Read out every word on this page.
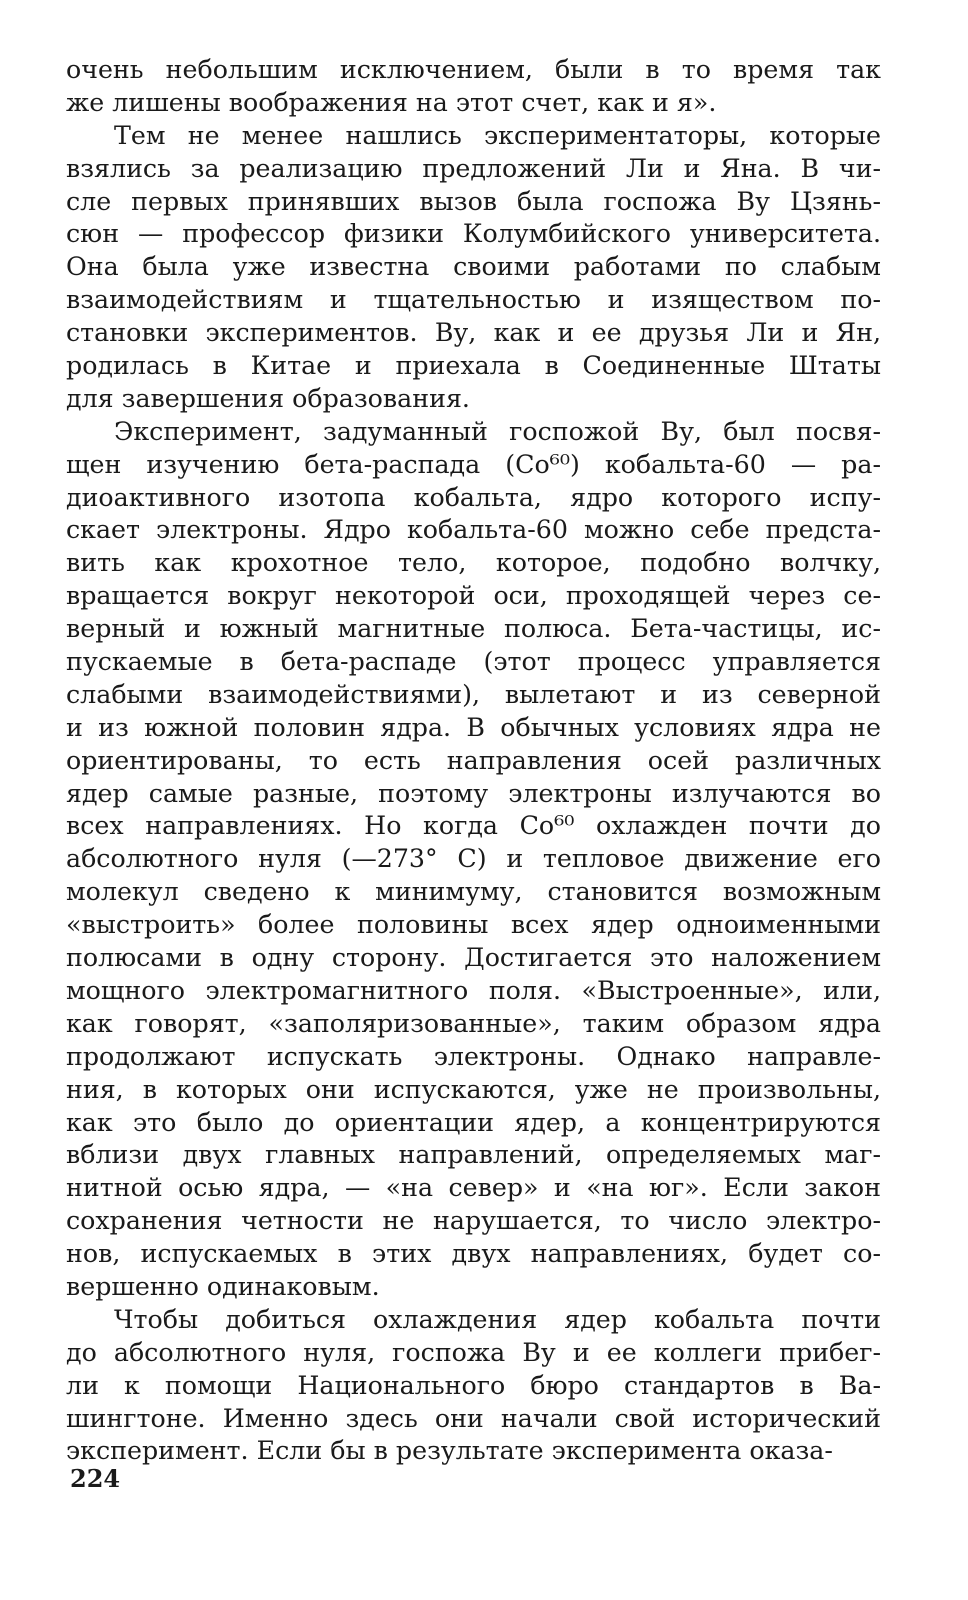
очень небольшим исключением, были в то время так
же лишены воображения на этот счет, как и я».
Тем не менее нашлись экспериментаторы, которые
взялись за реализацию предложений Ли и Яна. В чи-
сле первых принявших вызов была госпожа Ву Цзянь-
сюн — профессор физики Колумбийского университета.
Она была уже известна своими работами по слабым
взаимодействиям и тщательностью и изяществом по-
становки экспериментов. Ву, как и ее друзья Ли и Ян,
родилась в Китае и приехала в Соединенные Штаты
для завершения образования.
Эксперимент, задуманный госпожой Ву, был посвя-
щен изучению бета-распада (Co⁶⁰) кобальта-60 — ра-
диоактивного изотопа кобальта, ядро которого испу-
скает электроны. Ядро кобальта-60 можно себе предста-
вить как крохотное тело, которое, подобно волчку,
вращается вокруг некоторой оси, проходящей через се-
верный и южный магнитные полюса. Бета-частицы, ис-
пускаемые в бета-распаде (этот процесс управляется
слабыми взаимодействиями), вылетают и из северной
и из южной половин ядра. В обычных условиях ядра не
ориентированы, то есть направления осей различных
ядер самые разные, поэтому электроны излучаются во
всех направлениях. Но когда Co⁶⁰ охлажден почти до
абсолютного нуля (—273° С) и тепловое движение его
молекул сведено к минимуму, становится возможным
«выстроить» более половины всех ядер одноименными
полюсами в одну сторону. Достигается это наложением
мощного электромагнитного поля. «Выстроенные», или,
как говорят, «заполяризованные», таким образом ядра
продолжают испускать электроны. Однако направле-
ния, в которых они испускаются, уже не произвольны,
как это было до ориентации ядер, а концентрируются
вблизи двух главных направлений, определяемых маг-
нитной осью ядра, — «на север» и «на юг». Если закон
сохранения четности не нарушается, то число электро-
нов, испускаемых в этих двух направлениях, будет со-
вершенно одинаковым.
Чтобы добиться охлаждения ядер кобальта почти
до абсолютного нуля, госпожа Ву и ее коллеги прибег-
ли к помощи Национального бюро стандартов в Ва-
шингтоне. Именно здесь они начали свой исторический
эксперимент. Если бы в результате эксперимента оказа-
224
